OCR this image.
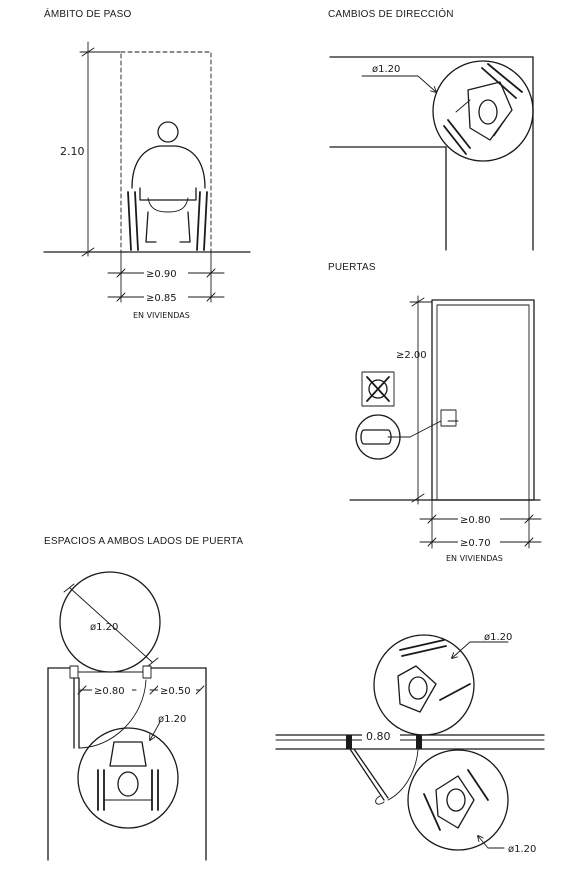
ÁMBITO DE PASO	CAMBIOS DE DIRECCIÓN
PUERTAS
ESPACIOS A AMBOS LADOS DE PUERTA
2.10
≥0.90
≥0.85
EN VIVIENDAS
ø1.20
≥2.00
≥0.80
≥0.70
EN VIVIENDAS
ø1.20
≥0.80	≥0.50
ø1.20
ø1.20
0.80
ø1.20
